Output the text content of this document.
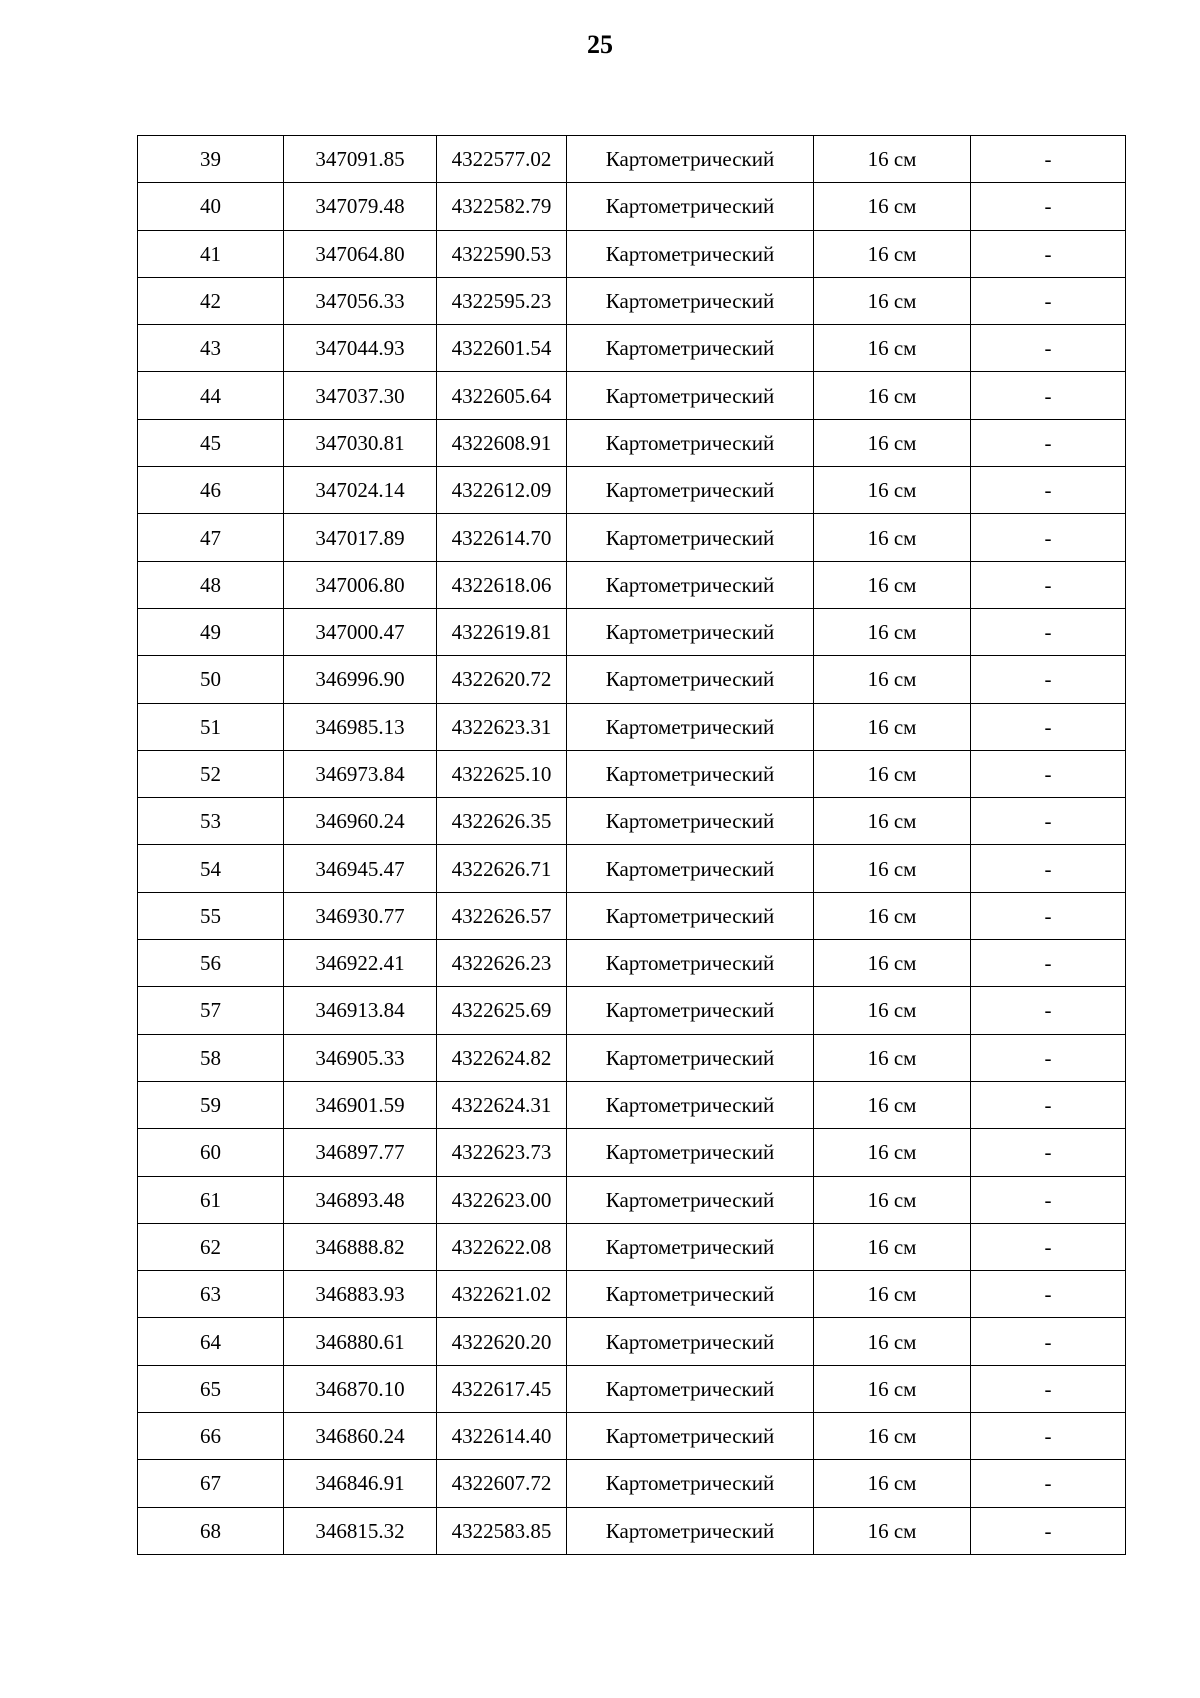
25
39	347091.85	4322577.02	Картометрический	16 см	-
40	347079.48	4322582.79	Картометрический	16 см	-
41	347064.80	4322590.53	Картометрический	16 см	-
42	347056.33	4322595.23	Картометрический	16 см	-
43	347044.93	4322601.54	Картометрический	16 см	-
44	347037.30	4322605.64	Картометрический	16 см	-
45	347030.81	4322608.91	Картометрический	16 см	-
46	347024.14	4322612.09	Картометрический	16 см	-
47	347017.89	4322614.70	Картометрический	16 см	-
48	347006.80	4322618.06	Картометрический	16 см	-
49	347000.47	4322619.81	Картометрический	16 см	-
50	346996.90	4322620.72	Картометрический	16 см	-
51	346985.13	4322623.31	Картометрический	16 см	-
52	346973.84	4322625.10	Картометрический	16 см	-
53	346960.24	4322626.35	Картометрический	16 см	-
54	346945.47	4322626.71	Картометрический	16 см	-
55	346930.77	4322626.57	Картометрический	16 см	-
56	346922.41	4322626.23	Картометрический	16 см	-
57	346913.84	4322625.69	Картометрический	16 см	-
58	346905.33	4322624.82	Картометрический	16 см	-
59	346901.59	4322624.31	Картометрический	16 см	-
60	346897.77	4322623.73	Картометрический	16 см	-
61	346893.48	4322623.00	Картометрический	16 см	-
62	346888.82	4322622.08	Картометрический	16 см	-
63	346883.93	4322621.02	Картометрический	16 см	-
64	346880.61	4322620.20	Картометрический	16 см	-
65	346870.10	4322617.45	Картометрический	16 см	-
66	346860.24	4322614.40	Картометрический	16 см	-
67	346846.91	4322607.72	Картометрический	16 см	-
68	346815.32	4322583.85	Картометрический	16 см	-
